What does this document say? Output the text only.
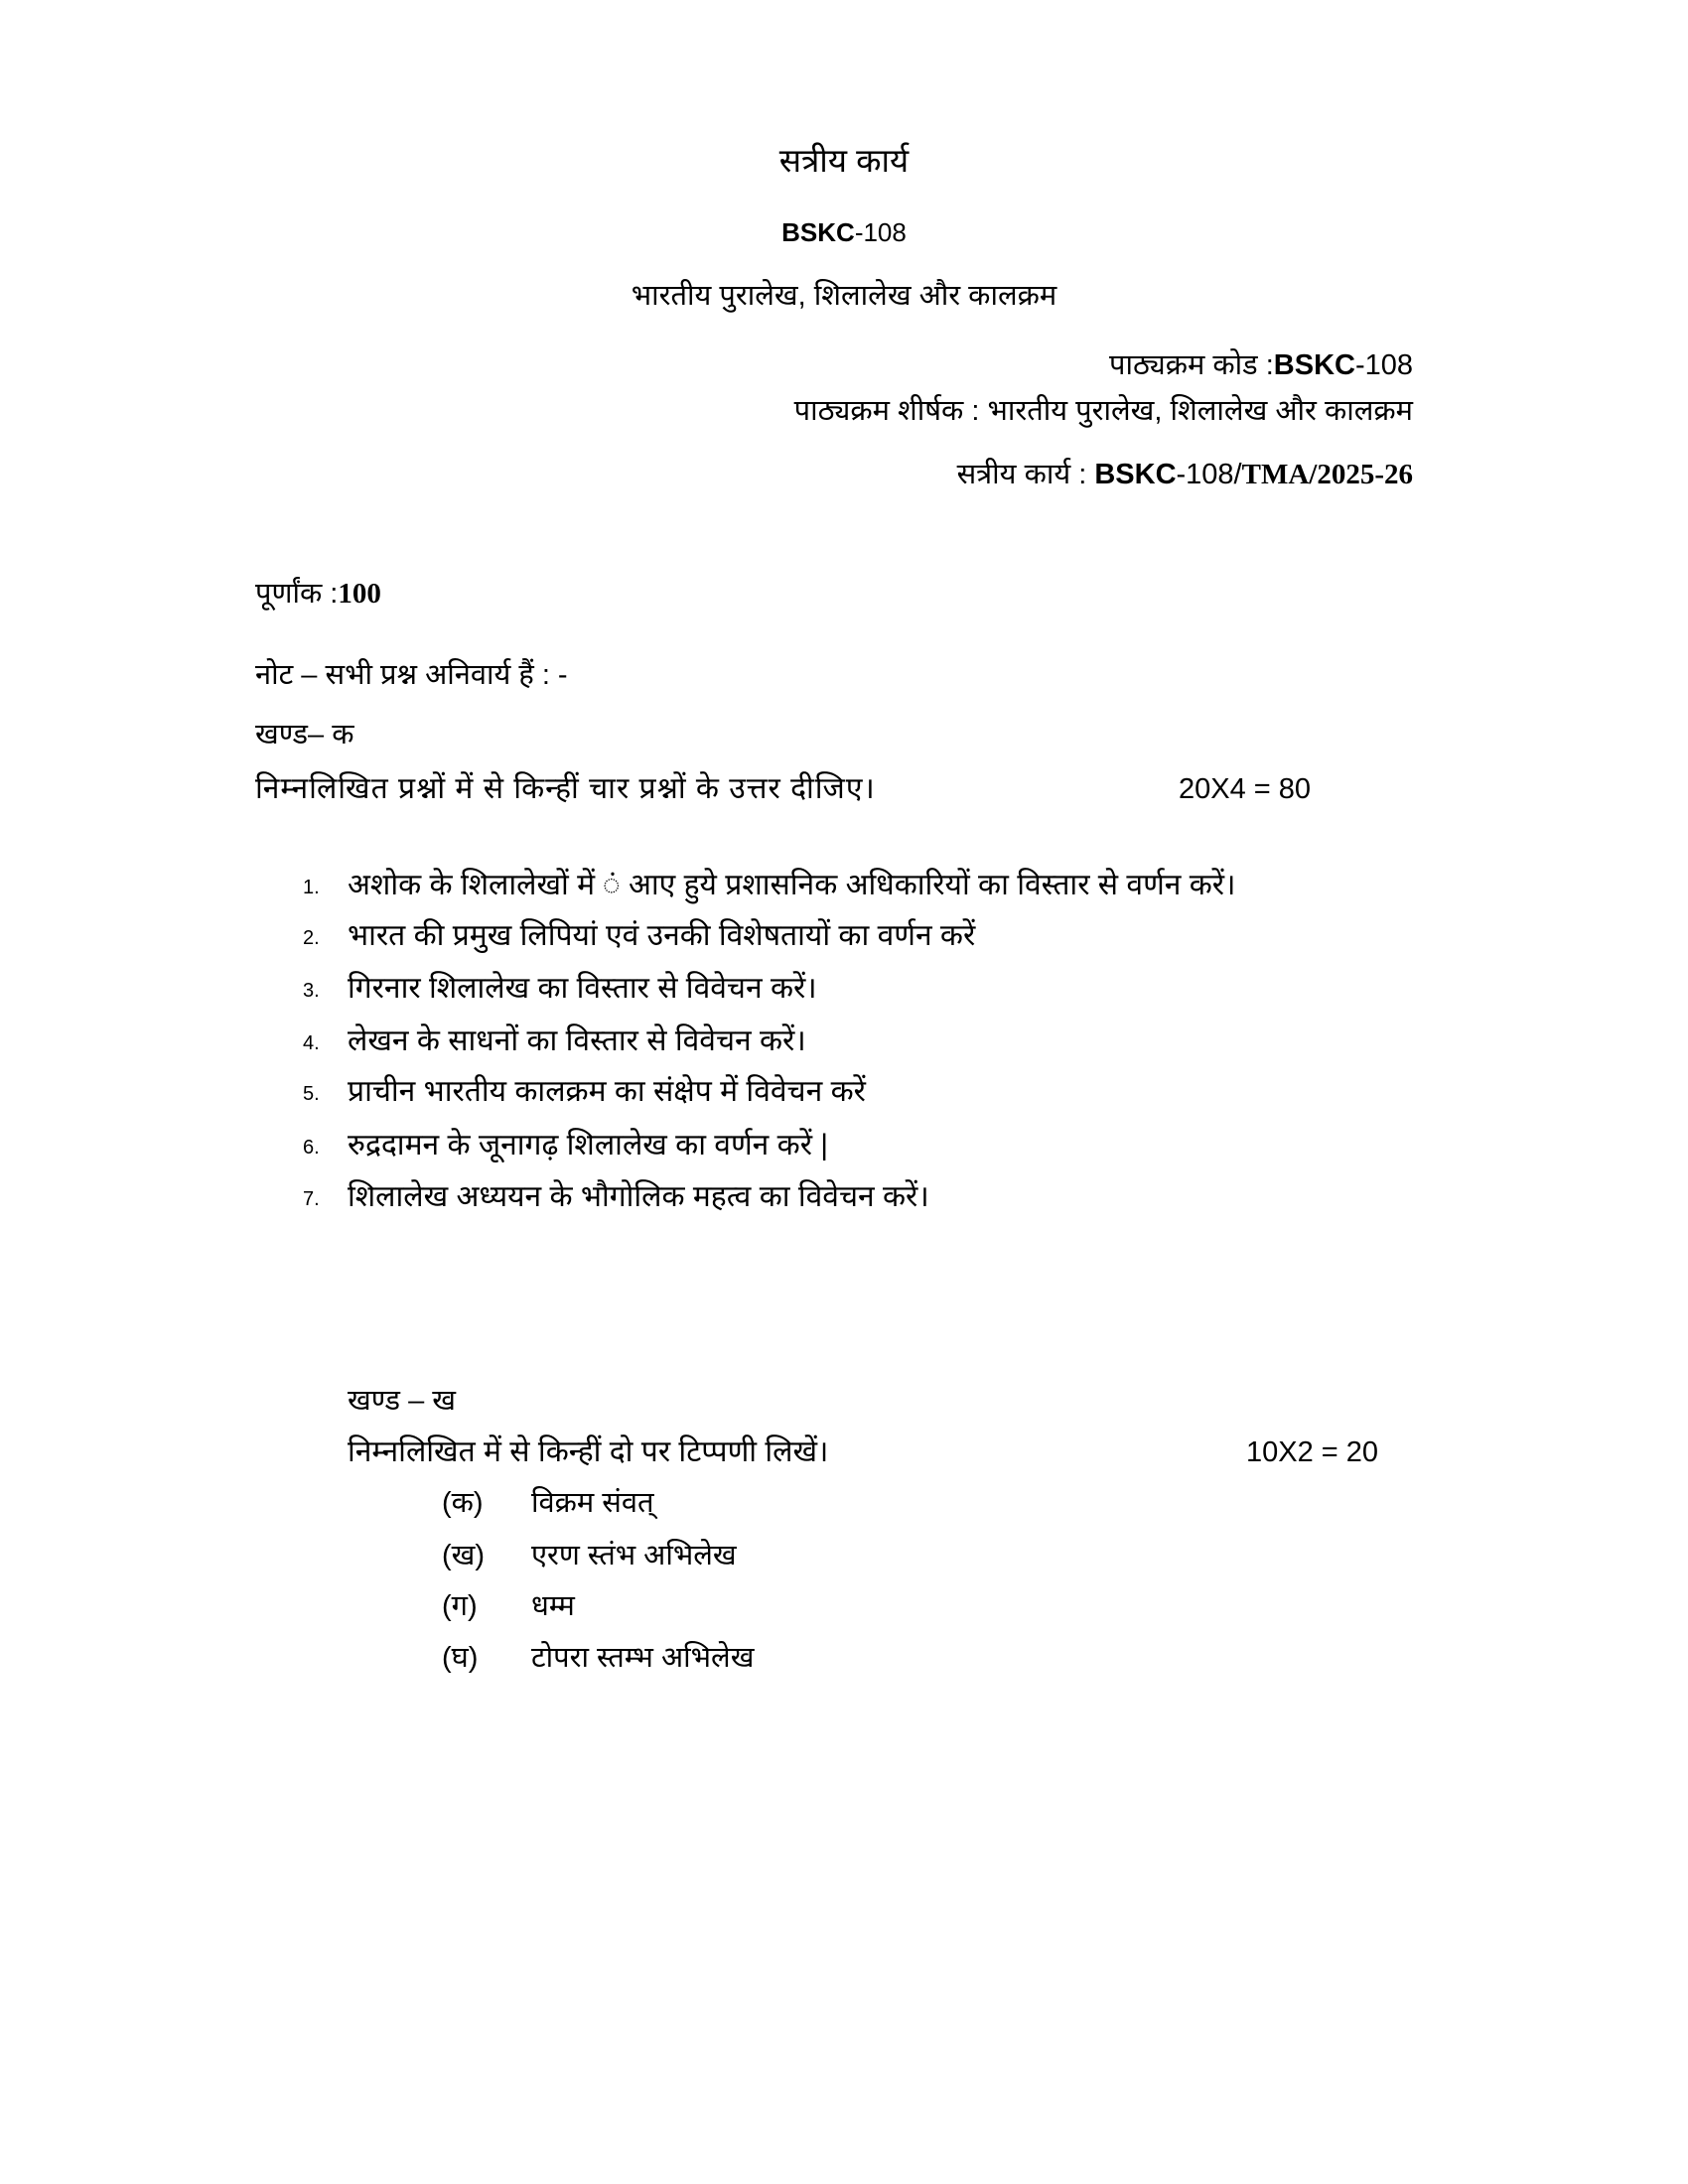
सत्रीय कार्य
BSKC-108
भारतीय पुरालेख, शिलालेख और कालक्रम
पाठ्यक्रम कोड :BSKC-108
पाठ्यक्रम शीर्षक : भारतीय पुरालेख, शिलालेख और कालक्रम
सत्रीय कार्य : BSKC-108/TMA/2025-26
पूर्णांक :100
नोट – सभी प्रश्न अनिवार्य हैं : -
खण्ड– क
निम्नलिखित प्रश्नों में से किन्हीं चार प्रश्नों के उत्तर दीजिए।	20X4 = 80
1. अशोक के शिलालेखों में ं आए हुये प्रशासनिक अधिकारियों का विस्तार से वर्णन करें।
2. भारत की प्रमुख लिपियां एवं उनकी विशेषतायों का वर्णन करें
3. गिरनार शिलालेख का विस्तार से विवेचन करें।
4. लेखन के साधनों का विस्तार से विवेचन करें।
5. प्राचीन भारतीय कालक्रम का संक्षेप में विवेचन करें
6. रुद्रदामन के जूनागढ़ शिलालेख का वर्णन करें |
7. शिलालेख अध्ययन के भौगोलिक महत्व का विवेचन करें।
खण्ड – ख
निम्नलिखित में से किन्हीं दो पर टिप्पणी लिखें।	10X2 = 20
(क) विक्रम संवत्
(ख) एरण स्तंभ अभिलेख
(ग) धम्म
(घ) टोपरा स्तम्भ अभिलेख
